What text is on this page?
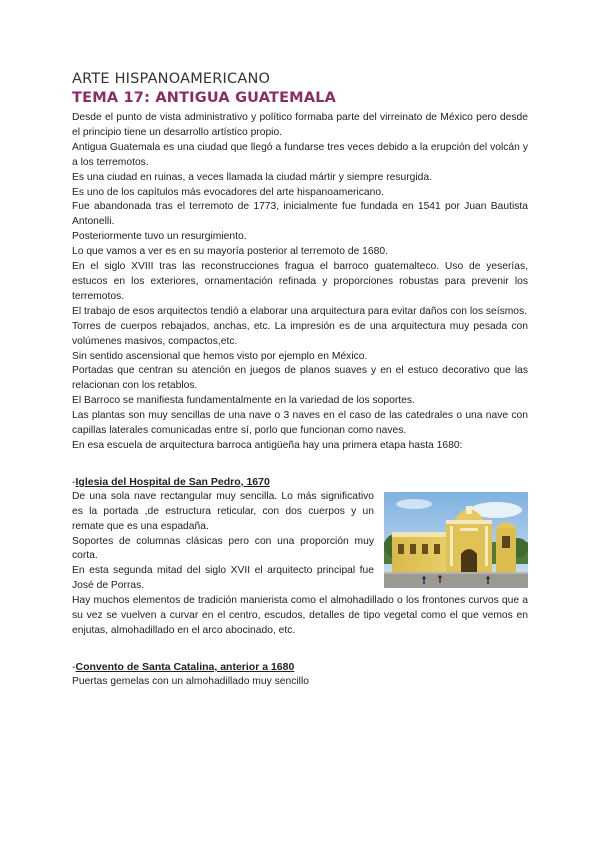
ARTE HISPANOAMERICANO
TEMA 17: ANTIGUA GUATEMALA

Desde el punto de vista administrativo y político formaba parte del virreinato de México pero desde el principio tiene un desarrollo artístico propio.

Antigua Guatemala es una ciudad que llegó a fundarse tres veces debido a la erupción del volcán y a los terremotos.

Es una ciudad en ruinas, a veces llamada la ciudad mártir y siempre resurgida.

Es uno de los capítulos más evocadores del arte hispanoamericano.

Fue abandonada tras el terremoto de 1773, inicialmente fue fundada en 1541 por Juan Bautista Antonelli.

Posteriormente tuvo un resurgimiento.

Lo que vamos a ver es en su mayoría posterior al terremoto de 1680.

En el siglo XVIII tras las reconstrucciones fragua el barroco guatemalteco. Uso de yeserías, estucos en los exteriores, ornamentación refinada y proporciones robustas para prevenir los terremotos.

El trabajo de esos arquitectos tendió a elaborar una arquitectura para evitar daños con los seísmos.

Torres de cuerpos rebajados, anchas, etc. La impresión es de una arquitectura muy pesada con volúmenes masivos, compactos,etc.

Sin sentido ascensional que hemos visto por ejemplo en México.

Portadas que centran su atención en juegos de planos suaves y en el estuco decorativo que las relacionan con los retablos.

El Barroco se manifiesta fundamentalmente en la variedad de los soportes.

Las plantas son muy sencillas de una nave o 3 naves en el caso de las catedrales o una nave con capillas laterales comunicadas entre sí, porlo que funcionan como naves.

En esa escuela de arquitectura barroca antigüeña hay una primera etapa hasta 1680:

-Iglesia del Hospital de San Pedro, 1670

De una sola nave rectangular muy sencilla. Lo más significativo es la portada ,de estructura reticular, con dos cuerpos y un remate que es una espadaña.

Soportes de columnas clásicas pero con una proporción muy corta.

En esta segunda mitad del siglo XVII el arquitecto principal fue José de Porras.

Hay muchos elementos de tradición manierista como el almohadillado o los frontones curvos que a su vez se vuelven a curvar en el centro, escudos, detalles de tipo vegetal como el que vemos en enjutas, almohadillado en el arco abocinado, etc.

-Convento de Santa Catalina, anterior a 1680

Puertas gemelas con un almohadillado muy sencillo
